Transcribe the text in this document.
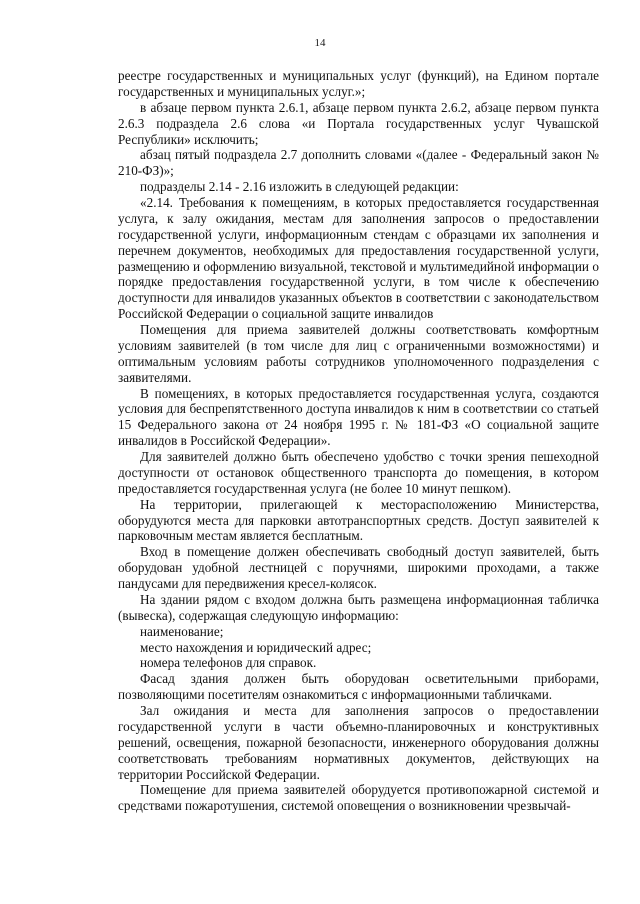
14

реестре государственных и муниципальных услуг (функций), на Едином портале государственных и муниципальных услуг.»;

в абзаце первом пункта 2.6.1, абзаце первом пункта 2.6.2, абзаце первом пункта 2.6.3 подраздела 2.6 слова «и Портала государственных услуг Чувашской Республики» исключить;

абзац пятый подраздела 2.7 дополнить словами «(далее - Федеральный закон № 210-ФЗ)»;

подразделы 2.14 - 2.16 изложить в следующей редакции:

«2.14. Требования к помещениям, в которых предоставляется государственная услуга, к залу ожидания, местам для заполнения запросов о предоставлении государственной услуги, информационным стендам с образцами их заполнения и перечнем документов, необходимых для предоставления государственной услуги, размещению и оформлению визуальной, текстовой и мультимедийной информации о порядке предоставления государственной услуги, в том числе к обеспечению доступности для инвалидов указанных объектов в соответствии с законодательством Российской Федерации о социальной защите инвалидов

Помещения для приема заявителей должны соответствовать комфортным условиям заявителей (в том числе для лиц с ограниченными возможностями) и оптимальным условиям работы сотрудников уполномоченного подразделения с заявителями.

В помещениях, в которых предоставляется государственная услуга, создаются условия для беспрепятственного доступа инвалидов к ним в соответствии со статьей 15 Федерального закона от 24 ноября 1995 г. № 181-ФЗ «О социальной защите инвалидов в Российской Федерации».

Для заявителей должно быть обеспечено удобство с точки зрения пешеходной доступности от остановок общественного транспорта до помещения, в котором предоставляется государственная услуга (не более 10 минут пешком).

На территории, прилегающей к месторасположению Министерства, оборудуются места для парковки автотранспортных средств. Доступ заявителей к парковочным местам является бесплатным.

Вход в помещение должен обеспечивать свободный доступ заявителей, быть оборудован удобной лестницей с поручнями, широкими проходами, а также пандусами для передвижения кресел-колясок.

На здании рядом с входом должна быть размещена информационная табличка (вывеска), содержащая следующую информацию:

наименование;

место нахождения и юридический адрес;

номера телефонов для справок.

Фасад здания должен быть оборудован осветительными приборами, позволяющими посетителям ознакомиться с информационными табличками.

Зал ожидания и места для заполнения запросов о предоставлении государственной услуги в части объемно-планировочных и конструктивных решений, освещения, пожарной безопасности, инженерного оборудования должны соответствовать требованиям нормативных документов, действующих на территории Российской Федерации.

Помещение для приема заявителей оборудуется противопожарной системой и средствами пожаротушения, системой оповещения о возникновении чрезвычай-
